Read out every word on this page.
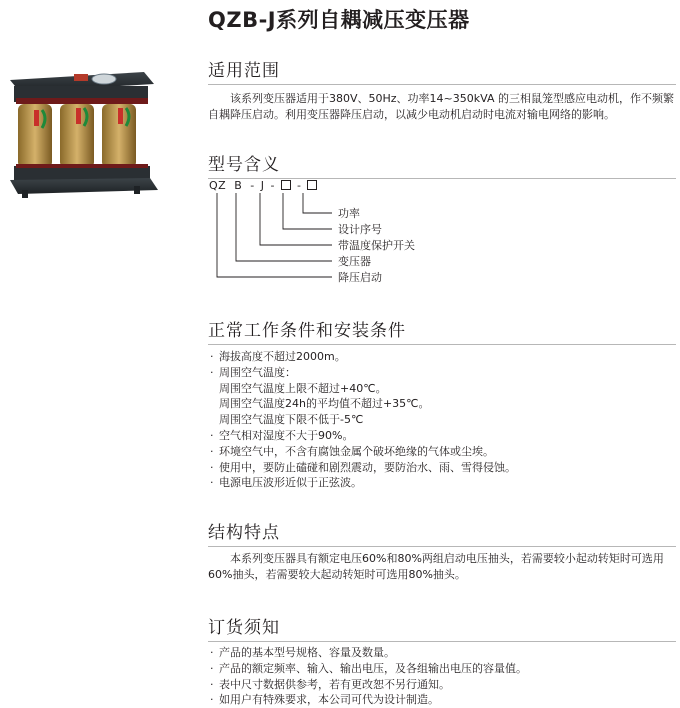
QZB-J系列自耦减压变压器
适用范围
该系列变压器适用于380V、50Hz、功率14~350kVA 的三相鼠笼型感应电动机，作不频繁自耦降压启动。利用变压器降压启动，以减少电动机启动时电流对输电网络的影响。
型号含义
QZ B - J - -
功率
设计序号
带温度保护开关
变压器
降压启动
正常工作条件和安装条件
· 海拔高度不超过2000m。
· 周围空气温度：
周围空气温度上限不超过+40℃。
周围空气温度24h的平均值不超过+35℃。
周围空气温度下限不低于-5℃
· 空气相对湿度不大于90%。
· 环境空气中，不含有腐蚀金属个破坏绝缘的气体或尘埃。
· 使用中，要防止磕碰和剧烈震动，要防治水、雨、雪得侵蚀。
· 电源电压波形近似于正弦波。
结构特点
本系列变压器具有额定电压60%和80%两组启动电压抽头，若需要较小起动转矩时可选用60%抽头，若需要较大起动转矩时可选用80%抽头。
订货须知
· 产品的基本型号规格、容量及数量。
· 产品的额定频率、输入、输出电压，及各组输出电压的容量值。
· 表中尺寸数据供参考，若有更改恕不另行通知。
· 如用户有特殊要求，本公司可代为设计制造。
